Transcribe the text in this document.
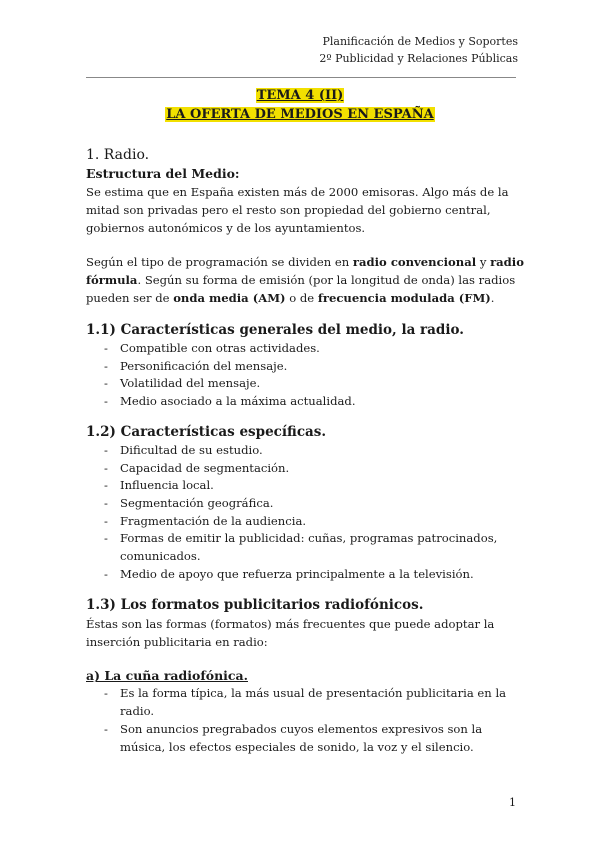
Planificación de Medios y Soportes
2º Publicidad y Relaciones Públicas
TEMA 4 (II)
LA OFERTA DE MEDIOS EN ESPAÑA

1. Radio.

Estructura del Medio:

Se estima que en España existen más de 2000 emisoras. Algo más de la mitad son privadas pero el resto son propiedad del gobierno central, gobiernos autonómicos y de los ayuntamientos.

Según el tipo de programación se dividen en radio convencional y radio fórmula. Según su forma de emisión (por la longitud de onda) las radios pueden ser de onda media (AM) o de frecuencia modulada (FM).

1.1) Características generales del medio, la radio.

- Compatible con otras actividades.
- Personificación del mensaje.
- Volatilidad del mensaje.
- Medio asociado a la máxima actualidad.

1.2) Características específicas.

- Dificultad de su estudio.
- Capacidad de segmentación.
- Influencia local.
- Segmentación geográfica.
- Fragmentación de la audiencia.
- Formas de emitir la publicidad: cuñas, programas patrocinados, comunicados.
- Medio de apoyo que refuerza principalmente a la televisión.

1.3) Los formatos publicitarios radiofónicos.

Éstas son las formas (formatos) más frecuentes que puede adoptar la inserción publicitaria en radio:

a) La cuña radiofónica.

- Es la forma típica, la más usual de presentación publicitaria en la radio.
- Son anuncios pregrabados cuyos elementos expresivos son la música, los efectos especiales de sonido, la voz y el silencio.
1
